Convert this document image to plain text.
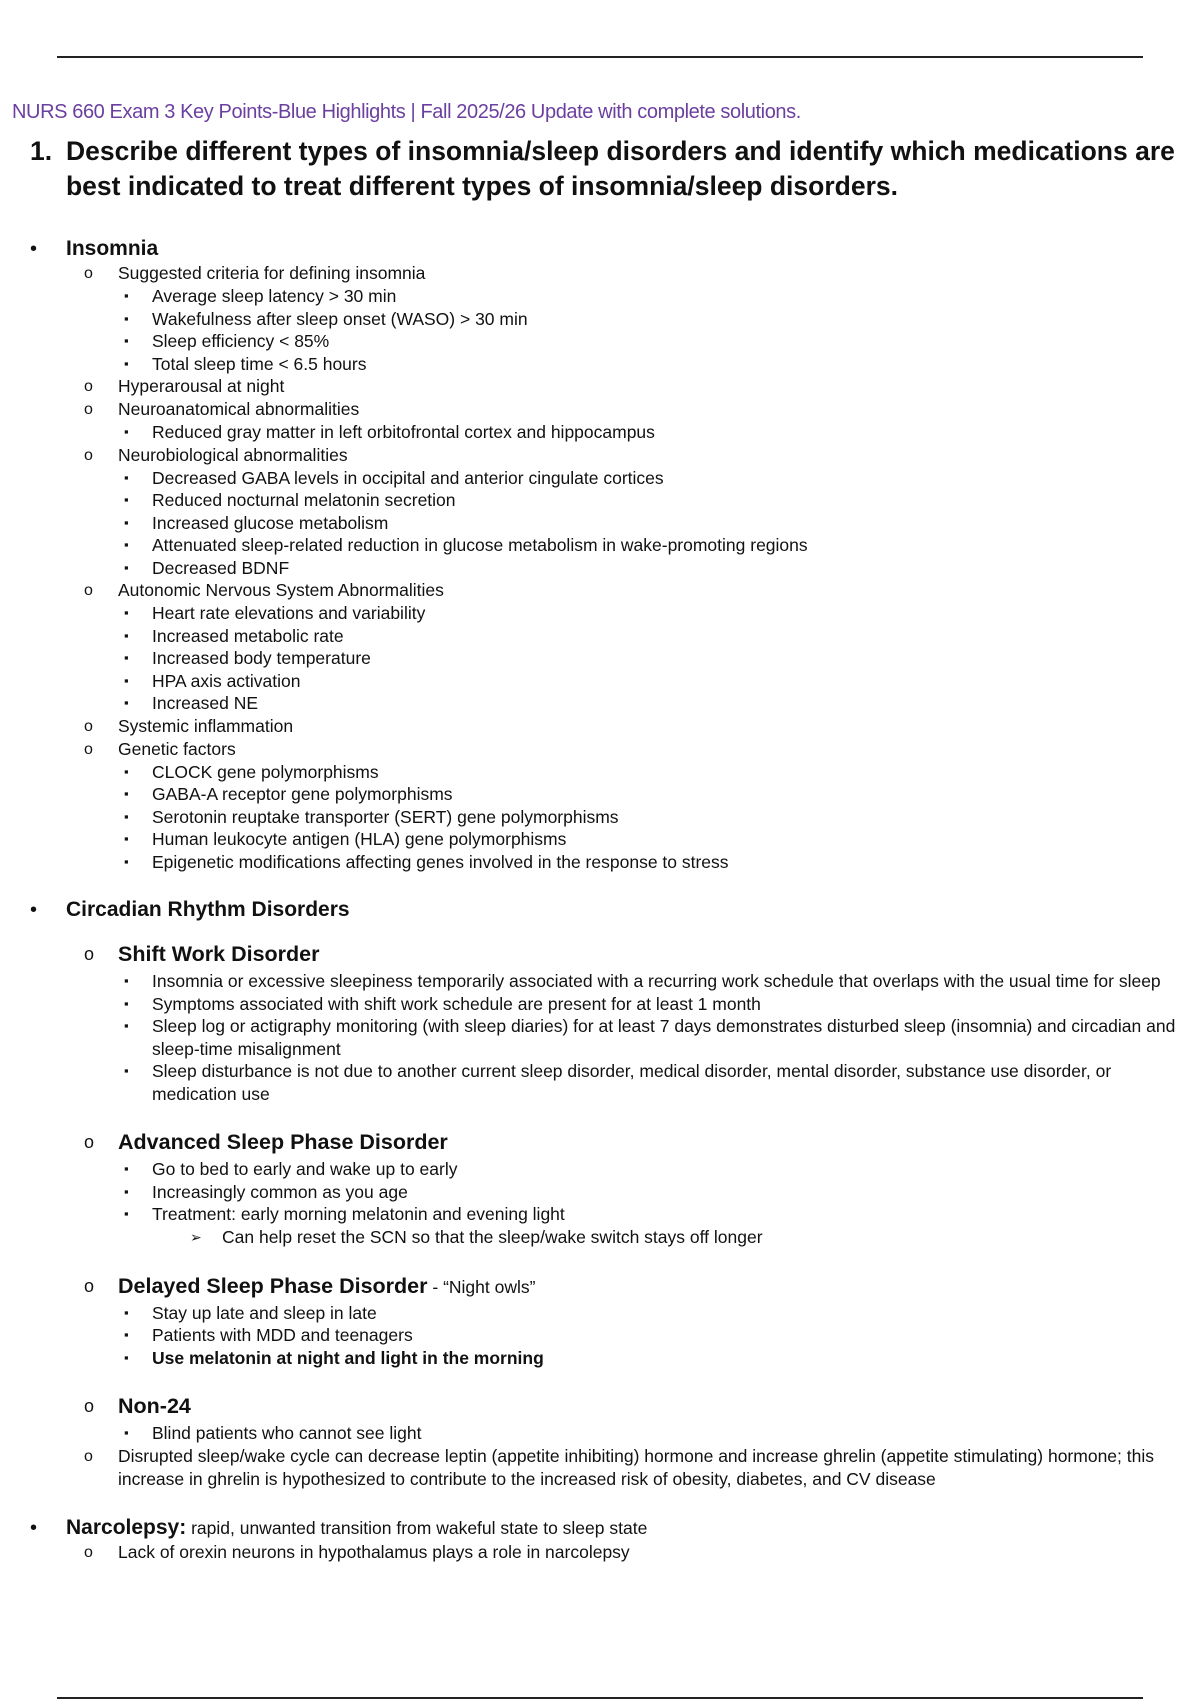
NURS 660 Exam 3 Key Points-Blue Highlights | Fall 2025/26 Update with complete solutions.
1. Describe different types of insomnia/sleep disorders and identify which medications are best indicated to treat different types of insomnia/sleep disorders.
• Insomnia
o Suggested criteria for defining insomnia
▪ Average sleep latency > 30 min
▪ Wakefulness after sleep onset (WASO) > 30 min
▪ Sleep efficiency < 85%
▪ Total sleep time < 6.5 hours
o Hyperarousal at night
o Neuroanatomical abnormalities
▪ Reduced gray matter in left orbitofrontal cortex and hippocampus
o Neurobiological abnormalities
▪ Decreased GABA levels in occipital and anterior cingulate cortices
▪ Reduced nocturnal melatonin secretion
▪ Increased glucose metabolism
▪ Attenuated sleep-related reduction in glucose metabolism in wake-promoting regions
▪ Decreased BDNF
o Autonomic Nervous System Abnormalities
▪ Heart rate elevations and variability
▪ Increased metabolic rate
▪ Increased body temperature
▪ HPA axis activation
▪ Increased NE
o Systemic inflammation
o Genetic factors
▪ CLOCK gene polymorphisms
▪ GABA-A receptor gene polymorphisms
▪ Serotonin reuptake transporter (SERT) gene polymorphisms
▪ Human leukocyte antigen (HLA) gene polymorphisms
▪ Epigenetic modifications affecting genes involved in the response to stress
• Circadian Rhythm Disorders
o Shift Work Disorder
▪ Insomnia or excessive sleepiness temporarily associated with a recurring work schedule that overlaps with the usual time for sleep
▪ Symptoms associated with shift work schedule are present for at least 1 month
▪ Sleep log or actigraphy monitoring (with sleep diaries) for at least 7 days demonstrates disturbed sleep (insomnia) and circadian and sleep-time misalignment
▪ Sleep disturbance is not due to another current sleep disorder, medical disorder, mental disorder, substance use disorder, or medication use
o Advanced Sleep Phase Disorder
▪ Go to bed to early and wake up to early
▪ Increasingly common as you age
▪ Treatment: early morning melatonin and evening light
➢ Can help reset the SCN so that the sleep/wake switch stays off longer
o Delayed Sleep Phase Disorder - “Night owls”
▪ Stay up late and sleep in late
▪ Patients with MDD and teenagers
▪ Use melatonin at night and light in the morning
o Non-24
▪ Blind patients who cannot see light
o Disrupted sleep/wake cycle can decrease leptin (appetite inhibiting) hormone and increase ghrelin (appetite stimulating) hormone; this increase in ghrelin is hypothesized to contribute to the increased risk of obesity, diabetes, and CV disease
• Narcolepsy: rapid, unwanted transition from wakeful state to sleep state
o Lack of orexin neurons in hypothalamus plays a role in narcolepsy
